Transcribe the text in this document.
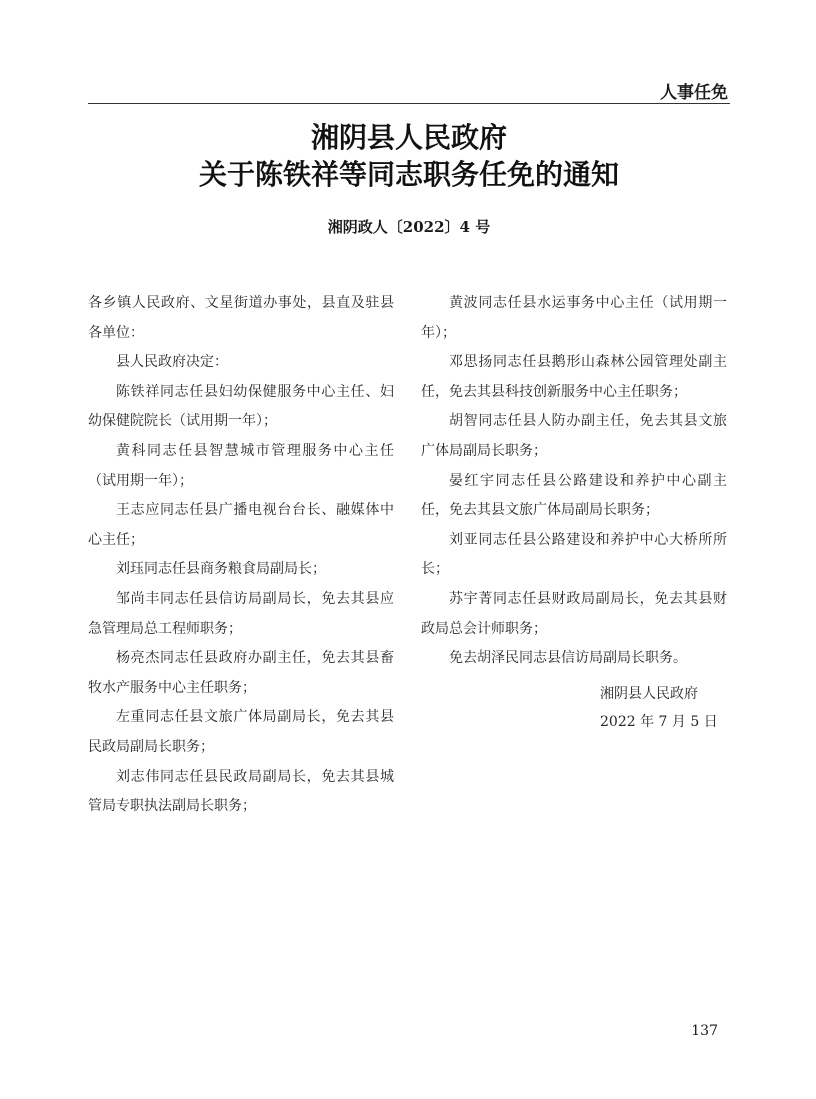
人事任免
湘阴县人民政府
关于陈铁祥等同志职务任免的通知
湘阴政人〔2022〕4 号

各乡镇人民政府、文星街道办事处，县直及驻县各单位：

县人民政府决定：

陈铁祥同志任县妇幼保健服务中心主任、妇幼保健院院长（试用期一年）；

黄科同志任县智慧城市管理服务中心主任（试用期一年）；

王志应同志任县广播电视台台长、融媒体中心主任；

刘珏同志任县商务粮食局副局长；

邹尚丰同志任县信访局副局长，免去其县应急管理局总工程师职务；

杨亮杰同志任县政府办副主任，免去其县畜牧水产服务中心主任职务；

左重同志任县文旅广体局副局长，免去其县民政局副局长职务；

刘志伟同志任县民政局副局长，免去其县城管局专职执法副局长职务；

黄波同志任县水运事务中心主任（试用期一年）；

邓思扬同志任县鹅形山森林公园管理处副主任，免去其县科技创新服务中心主任职务；

胡智同志任县人防办副主任，免去其县文旅广体局副局长职务；

晏红宇同志任县公路建设和养护中心副主任，免去其县文旅广体局副局长职务；

刘亚同志任县公路建设和养护中心大桥所所长；

苏宇菁同志任县财政局副局长，免去其县财政局总会计师职务；

免去胡泽民同志县信访局副局长职务。

湘阴县人民政府
2022 年 7 月 5 日
137
